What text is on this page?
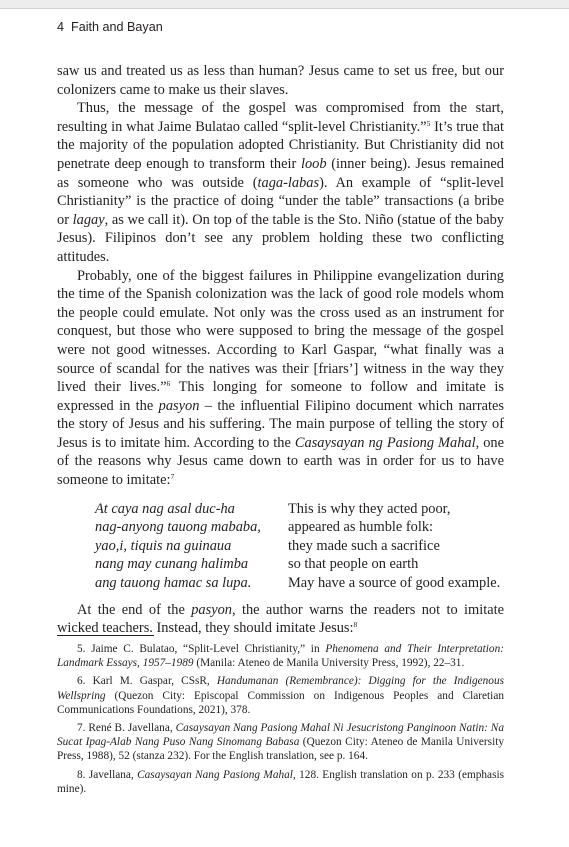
4 Faith and Bayan

saw us and treated us as less than human? Jesus came to set us free, but our colonizers came to make us their slaves.

Thus, the message of the gospel was compromised from the start, resulting in what Jaime Bulatao called “split-level Christianity.”$^5$ It’s true that the majority of the population adopted Christianity. But Christianity did not penetrate deep enough to transform their loob (inner being). Jesus remained as someone who was outside (taga-labas). An example of “split-level Christianity” is the practice of doing “under the table” transactions (a bribe or lagay, as we call it). On top of the table is the Sto. Niño (statue of the baby Jesus). Filipinos don’t see any problem holding these two conflicting attitudes.

Probably, one of the biggest failures in Philippine evangelization during the time of the Spanish colonization was the lack of good role models whom the people could emulate. Not only was the cross used as an instrument for conquest, but those who were supposed to bring the message of the gospel were not good witnesses. According to Karl Gaspar, “what finally was a source of scandal for the natives was their [friars’] witness in the way they lived their lives.”$^6$ This longing for someone to follow and imitate is expressed in the pasyon – the influential Filipino document which narrates the story of Jesus and his suffering. The main purpose of telling the story of Jesus is to imitate him. According to the Casaysayan ng Pasiong Mahal, one of the reasons why Jesus came down to earth was in order for us to have someone to imitate:$^7$

At caya nag asal duc-ha	This is why they acted poor,
nag-anyong tauong mababa,	appeared as humble folk:
yao,i, tiquis na guinaua	they made such a sacrifice
nang may cunang halimba	so that people on earth
ang tauong hamac sa lupa.	May have a source of good example.

At the end of the pasyon, the author warns the readers not to imitate wicked teachers. Instead, they should imitate Jesus:$^8$

5. Jaime C. Bulatao, “Split-Level Christianity,” in Phenomena and Their Interpretation: Landmark Essays, 1957–1989 (Manila: Ateneo de Manila University Press, 1992), 22–31.

6. Karl M. Gaspar, CSsR, Handumanan (Remembrance): Digging for the Indigenous Wellspring (Quezon City: Episcopal Commission on Indigenous Peoples and Claretian Communications Foundations, 2021), 378.

7. René B. Javellana, Casaysayan Nang Pasiong Mahal Ni Jesucristong Panginoon Natin: Na Sucat Ipag-Alab Nang Puso Nang Sinomang Babasa (Quezon City: Ateneo de Manila University Press, 1988), 52 (stanza 232). For the English translation, see p. 164.

8. Javellana, Casaysayan Nang Pasiong Mahal, 128. English translation on p. 233 (emphasis mine).
